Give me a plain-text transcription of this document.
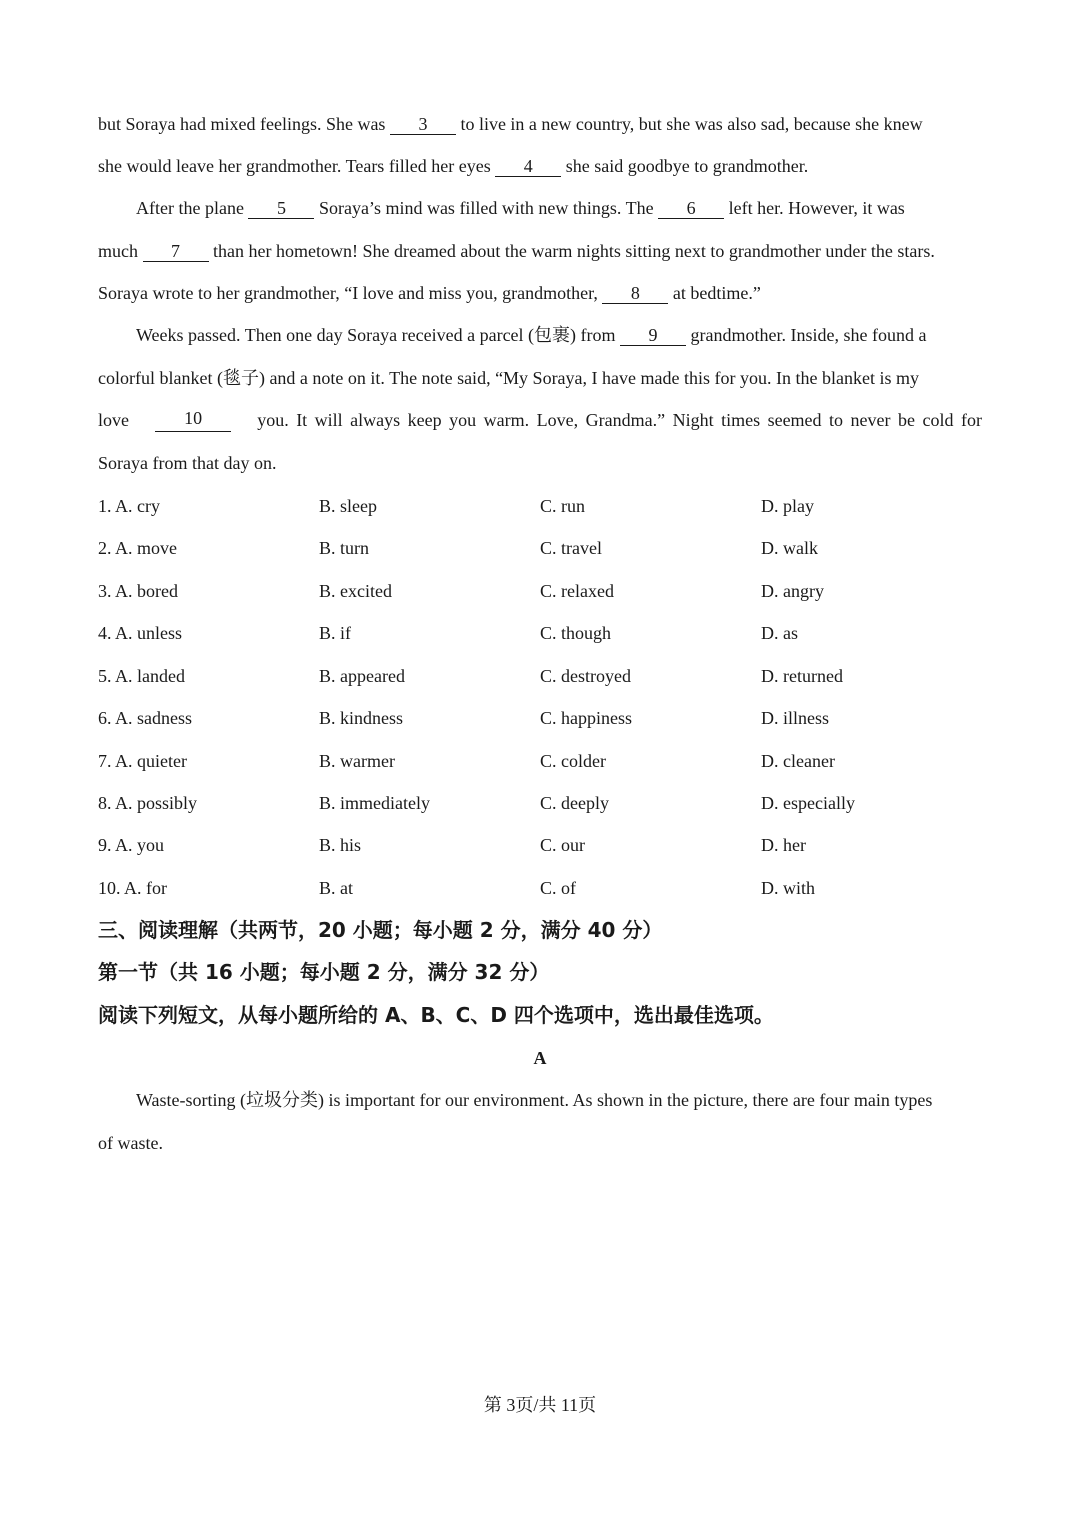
but Soraya had mixed feelings. She was 3 to live in a new country, but she was also sad, because she knew
she would leave her grandmother. Tears filled her eyes 4 she said goodbye to grandmother.
After the plane 5 Soraya’s mind was filled with new things. The 6 left her. However, it was
much 7 than her hometown! She dreamed about the warm nights sitting next to grandmother under the stars.
Soraya wrote to her grandmother, “I love and miss you, grandmother, 8 at bedtime.”
Weeks passed. Then one day Soraya received a parcel (包裹) from 9 grandmother. Inside, she found a
colorful blanket (毯子) and a note on it. The note said, “My Soraya, I have made this for you. In the blanket is my
love	10	you. It will always keep you warm. Love, Grandma.” Night times seemed to never be cold for
Soraya from that day on.
1. A. cry	B. sleep	C. run	D. play
2. A. move	B. turn	C. travel	D. walk
3. A. bored	B. excited	C. relaxed	D. angry
4. A. unless	B. if	C. though	D. as
5. A. landed	B. appeared	C. destroyed	D. returned
6. A. sadness	B. kindness	C. happiness	D. illness
7. A. quieter	B. warmer	C. colder	D. cleaner
8. A. possibly	B. immediately	C. deeply	D. especially
9. A. you	B. his	C. our	D. her
10. A. for	B. at	C. of	D. with
三、阅读理解（共两节，20 小题；每小题 2 分，满分 40 分）
第一节（共 16 小题；每小题 2 分，满分 32 分）
阅读下列短文，从每小题所给的 A、B、C、D 四个选项中，选出最佳选项。
A
Waste-sorting (垃圾分类) is important for our environment. As shown in the picture, there are four main types
of waste.
第 3页/共 11页
